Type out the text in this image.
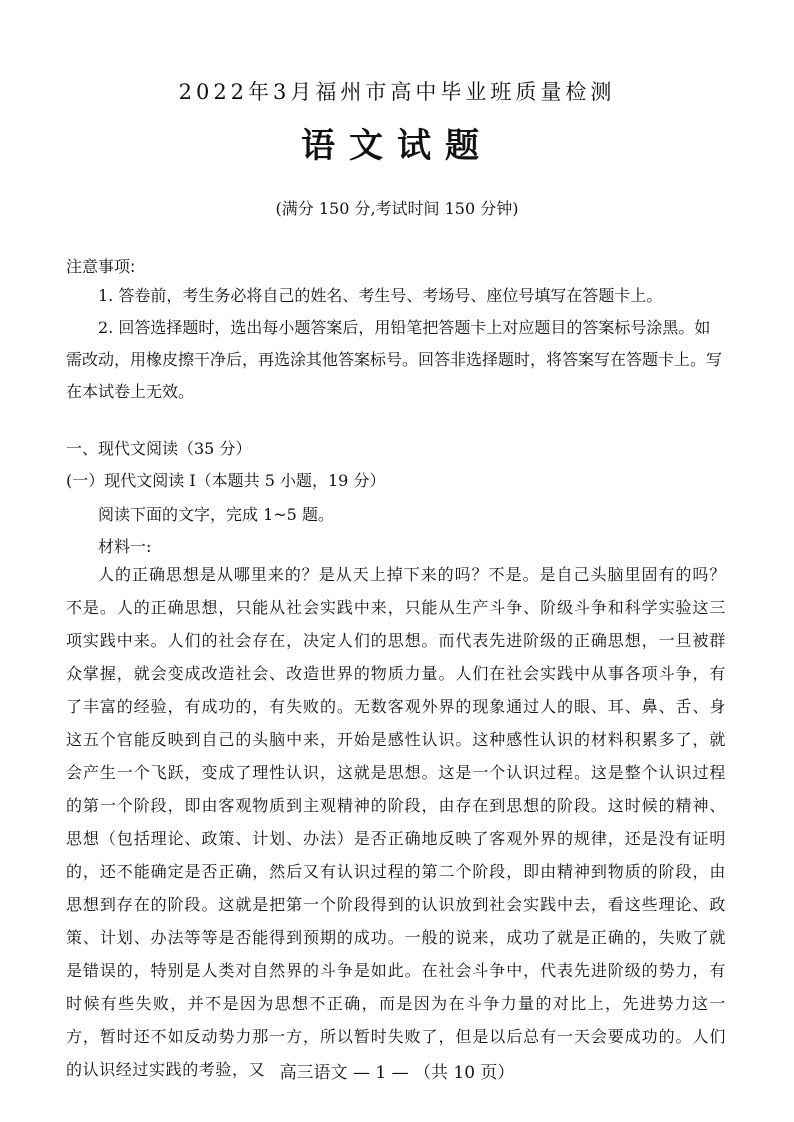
2022年3月福州市高中毕业班质量检测
语文试题
(满分 150 分,考试时间 150 分钟)
注意事项:

1. 答卷前，考生务必将自己的姓名、考生号、考场号、座位号填写在答题卡上。

2. 回答选择题时，选出每小题答案后，用铅笔把答题卡上对应题目的答案标号涂黑。如需改动，用橡皮擦干净后，再选涂其他答案标号。回答非选择题时，将答案写在答题卡上。写在本试卷上无效。

一、现代文阅读（35 分）
(一）现代文阅读 I（本题共 5 小题，19 分）
阅读下面的文字，完成 1~5 题。
材料一:
人的正确思想是从哪里来的？是从天上掉下来的吗？不是。是自己头脑里固有的吗？不是。人的正确思想，只能从社会实践中来，只能从生产斗争、阶级斗争和科学实验这三项实践中来。人们的社会存在，决定人们的思想。而代表先进阶级的正确思想，一旦被群众掌握，就会变成改造社会、改造世界的物质力量。人们在社会实践中从事各项斗争，有了丰富的经验，有成功的，有失败的。无数客观外界的现象通过人的眼、耳、鼻、舌、身这五个官能反映到自己的头脑中来，开始是感性认识。这种感性认识的材料积累多了，就会产生一个飞跃，变成了理性认识，这就是思想。这是一个认识过程。这是整个认识过程的第一个阶段，即由客观物质到主观精神的阶段，由存在到思想的阶段。这时候的精神、思想（包括理论、政策、计划、办法）是否正确地反映了客观外界的规律，还是没有证明的，还不能确定是否正确，然后又有认识过程的第二个阶段，即由精神到物质的阶段，由思想到存在的阶段。这就是把第一个阶段得到的认识放到社会实践中去，看这些理论、政策、计划、办法等等是否能得到预期的成功。一般的说来，成功了就是正确的，失败了就是错误的，特别是人类对自然界的斗争是如此。在社会斗争中，代表先进阶级的势力，有时候有些失败，并不是因为思想不正确，而是因为在斗争力量的对比上，先进势力这一方，暂时还不如反动势力那一方，所以暂时失败了，但是以后总有一天会要成功的。人们的认识经过实践的考验，又 高三语文 — 1 — （共 10 页）
